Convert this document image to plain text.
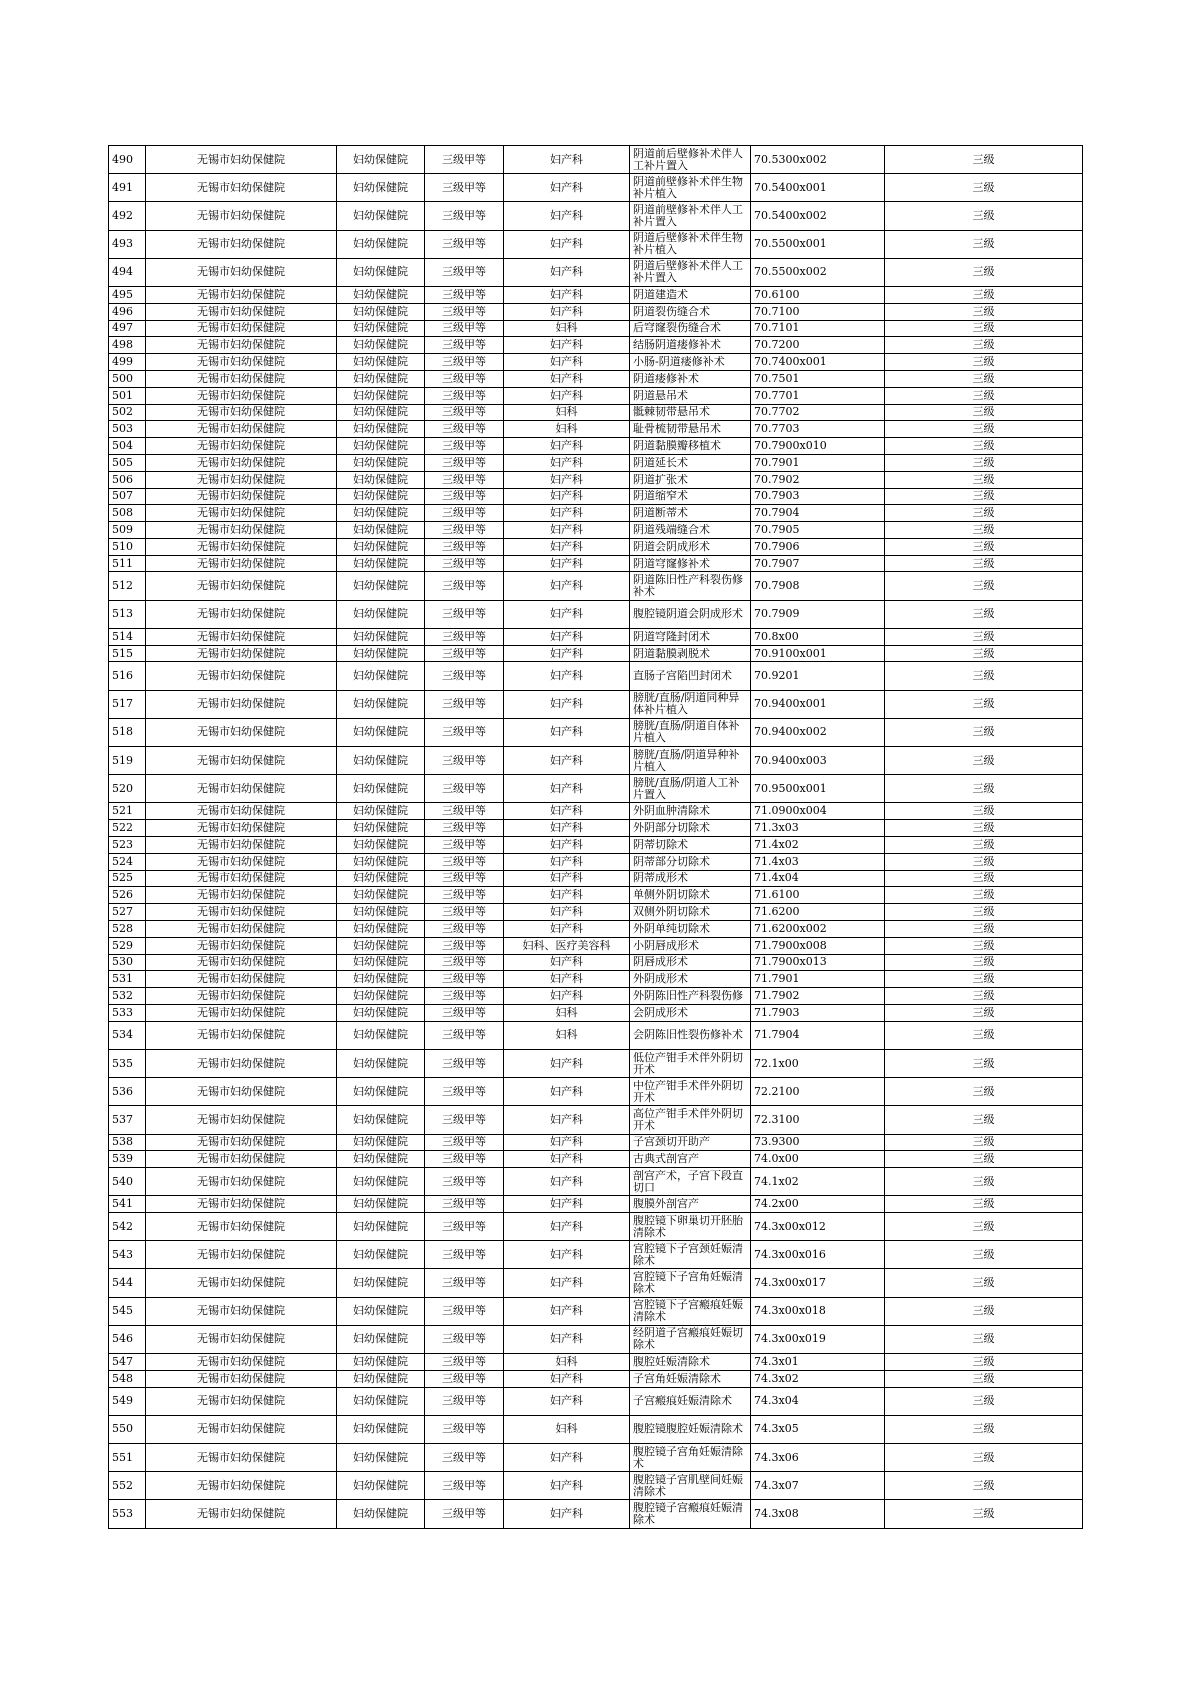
490	无锡市妇幼保健院	妇幼保健院	三级甲等	妇产科	阴道前后壁修补术伴人工补片置入	70.5300x002	三级
491	无锡市妇幼保健院	妇幼保健院	三级甲等	妇产科	阴道前壁修补术伴生物补片植入	70.5400x001	三级
492	无锡市妇幼保健院	妇幼保健院	三级甲等	妇产科	阴道前壁修补术伴人工补片置入	70.5400x002	三级
493	无锡市妇幼保健院	妇幼保健院	三级甲等	妇产科	阴道后壁修补术伴生物补片植入	70.5500x001	三级
494	无锡市妇幼保健院	妇幼保健院	三级甲等	妇产科	阴道后壁修补术伴人工补片置入	70.5500x002	三级
495	无锡市妇幼保健院	妇幼保健院	三级甲等	妇产科	阴道建造术	70.6100	三级
496	无锡市妇幼保健院	妇幼保健院	三级甲等	妇产科	阴道裂伤缝合术	70.7100	三级
497	无锡市妇幼保健院	妇幼保健院	三级甲等	妇科	后穹窿裂伤缝合术	70.7101	三级
498	无锡市妇幼保健院	妇幼保健院	三级甲等	妇产科	结肠阴道瘘修补术	70.7200	三级
499	无锡市妇幼保健院	妇幼保健院	三级甲等	妇产科	小肠-阴道瘘修补术	70.7400x001	三级
500	无锡市妇幼保健院	妇幼保健院	三级甲等	妇产科	阴道瘘修补术	70.7501	三级
501	无锡市妇幼保健院	妇幼保健院	三级甲等	妇产科	阴道悬吊术	70.7701	三级
502	无锡市妇幼保健院	妇幼保健院	三级甲等	妇科	骶棘韧带悬吊术	70.7702	三级
503	无锡市妇幼保健院	妇幼保健院	三级甲等	妇科	耻骨梳韧带悬吊术	70.7703	三级
504	无锡市妇幼保健院	妇幼保健院	三级甲等	妇产科	阴道黏膜瓣移植术	70.7900x010	三级
505	无锡市妇幼保健院	妇幼保健院	三级甲等	妇产科	阴道延长术	70.7901	三级
506	无锡市妇幼保健院	妇幼保健院	三级甲等	妇产科	阴道扩张术	70.7902	三级
507	无锡市妇幼保健院	妇幼保健院	三级甲等	妇产科	阴道缩窄术	70.7903	三级
508	无锡市妇幼保健院	妇幼保健院	三级甲等	妇产科	阴道断蒂术	70.7904	三级
509	无锡市妇幼保健院	妇幼保健院	三级甲等	妇产科	阴道残端缝合术	70.7905	三级
510	无锡市妇幼保健院	妇幼保健院	三级甲等	妇产科	阴道会阴成形术	70.7906	三级
511	无锡市妇幼保健院	妇幼保健院	三级甲等	妇产科	阴道穹窿修补术	70.7907	三级
512	无锡市妇幼保健院	妇幼保健院	三级甲等	妇产科	阴道陈旧性产科裂伤修补术	70.7908	三级
513	无锡市妇幼保健院	妇幼保健院	三级甲等	妇产科	腹腔镜阴道会阴成形术	70.7909	三级
514	无锡市妇幼保健院	妇幼保健院	三级甲等	妇产科	阴道穹隆封闭术	70.8x00	三级
515	无锡市妇幼保健院	妇幼保健院	三级甲等	妇产科	阴道黏膜剥脱术	70.9100x001	三级
516	无锡市妇幼保健院	妇幼保健院	三级甲等	妇产科	直肠子宫陷凹封闭术	70.9201	三级
517	无锡市妇幼保健院	妇幼保健院	三级甲等	妇产科	膀胱/直肠/阴道同种异体补片植入	70.9400x001	三级
518	无锡市妇幼保健院	妇幼保健院	三级甲等	妇产科	膀胱/直肠/阴道自体补片植入	70.9400x002	三级
519	无锡市妇幼保健院	妇幼保健院	三级甲等	妇产科	膀胱/直肠/阴道异种补片植入	70.9400x003	三级
520	无锡市妇幼保健院	妇幼保健院	三级甲等	妇产科	膀胱/直肠/阴道人工补片置入	70.9500x001	三级
521	无锡市妇幼保健院	妇幼保健院	三级甲等	妇产科	外阴血肿清除术	71.0900x004	三级
522	无锡市妇幼保健院	妇幼保健院	三级甲等	妇产科	外阴部分切除术	71.3x03	三级
523	无锡市妇幼保健院	妇幼保健院	三级甲等	妇产科	阴蒂切除术	71.4x02	三级
524	无锡市妇幼保健院	妇幼保健院	三级甲等	妇产科	阴蒂部分切除术	71.4x03	三级
525	无锡市妇幼保健院	妇幼保健院	三级甲等	妇产科	阴蒂成形术	71.4x04	三级
526	无锡市妇幼保健院	妇幼保健院	三级甲等	妇产科	单侧外阴切除术	71.6100	三级
527	无锡市妇幼保健院	妇幼保健院	三级甲等	妇产科	双侧外阴切除术	71.6200	三级
528	无锡市妇幼保健院	妇幼保健院	三级甲等	妇产科	外阴单纯切除术	71.6200x002	三级
529	无锡市妇幼保健院	妇幼保健院	三级甲等	妇科、医疗美容科	小阴唇成形术	71.7900x008	三级
530	无锡市妇幼保健院	妇幼保健院	三级甲等	妇产科	阴唇成形术	71.7900x013	三级
531	无锡市妇幼保健院	妇幼保健院	三级甲等	妇产科	外阴成形术	71.7901	三级
532	无锡市妇幼保健院	妇幼保健院	三级甲等	妇产科	外阴陈旧性产科裂伤修	71.7902	三级
533	无锡市妇幼保健院	妇幼保健院	三级甲等	妇科	会阴成形术	71.7903	三级
534	无锡市妇幼保健院	妇幼保健院	三级甲等	妇科	会阴陈旧性裂伤修补术	71.7904	三级
535	无锡市妇幼保健院	妇幼保健院	三级甲等	妇产科	低位产钳手术伴外阴切开术	72.1x00	三级
536	无锡市妇幼保健院	妇幼保健院	三级甲等	妇产科	中位产钳手术伴外阴切开术	72.2100	三级
537	无锡市妇幼保健院	妇幼保健院	三级甲等	妇产科	高位产钳手术伴外阴切开术	72.3100	三级
538	无锡市妇幼保健院	妇幼保健院	三级甲等	妇产科	子宫颈切开助产	73.9300	三级
539	无锡市妇幼保健院	妇幼保健院	三级甲等	妇产科	古典式剖宫产	74.0x00	三级
540	无锡市妇幼保健院	妇幼保健院	三级甲等	妇产科	剖宫产术，子宫下段直切口	74.1x02	三级
541	无锡市妇幼保健院	妇幼保健院	三级甲等	妇产科	腹膜外剖宫产	74.2x00	三级
542	无锡市妇幼保健院	妇幼保健院	三级甲等	妇产科	腹腔镜下卵巢切开胚胎清除术	74.3x00x012	三级
543	无锡市妇幼保健院	妇幼保健院	三级甲等	妇产科	宫腔镜下子宫颈妊娠清除术	74.3x00x016	三级
544	无锡市妇幼保健院	妇幼保健院	三级甲等	妇产科	宫腔镜下子宫角妊娠清除术	74.3x00x017	三级
545	无锡市妇幼保健院	妇幼保健院	三级甲等	妇产科	宫腔镜下子宫瘢痕妊娠清除术	74.3x00x018	三级
546	无锡市妇幼保健院	妇幼保健院	三级甲等	妇产科	经阴道子宫瘢痕妊娠切除术	74.3x00x019	三级
547	无锡市妇幼保健院	妇幼保健院	三级甲等	妇科	腹腔妊娠清除术	74.3x01	三级
548	无锡市妇幼保健院	妇幼保健院	三级甲等	妇产科	子宫角妊娠清除术	74.3x02	三级
549	无锡市妇幼保健院	妇幼保健院	三级甲等	妇产科	子宫瘢痕妊娠清除术	74.3x04	三级
550	无锡市妇幼保健院	妇幼保健院	三级甲等	妇科	腹腔镜腹腔妊娠清除术	74.3x05	三级
551	无锡市妇幼保健院	妇幼保健院	三级甲等	妇产科	腹腔镜子宫角妊娠清除术	74.3x06	三级
552	无锡市妇幼保健院	妇幼保健院	三级甲等	妇产科	腹腔镜子宫肌壁间妊娠清除术	74.3x07	三级
553	无锡市妇幼保健院	妇幼保健院	三级甲等	妇产科	腹腔镜子宫瘢痕妊娠清除术	74.3x08	三级
